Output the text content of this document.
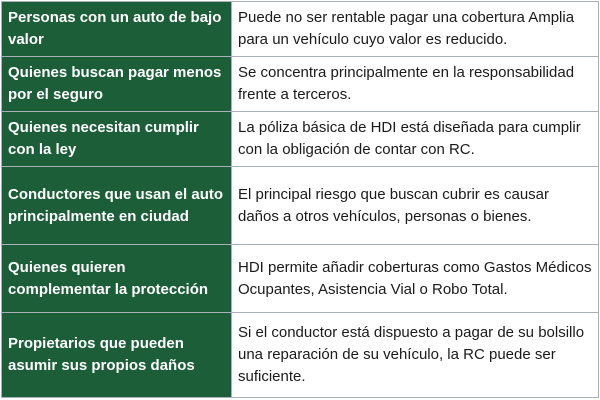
Personas con un auto de bajo valor
Puede no ser rentable pagar una cobertura Amplia para un vehículo cuyo valor es reducido.
Quienes buscan pagar menos por el seguro
Se concentra principalmente en la responsabilidad frente a terceros.
Quienes necesitan cumplir con la ley
La póliza básica de HDI está diseñada para cumplir con la obligación de contar con RC.
Conductores que usan el auto principalmente en ciudad
El principal riesgo que buscan cubrir es causar daños a otros vehículos, personas o bienes.
Quienes quieren complementar la protección
HDI permite añadir coberturas como Gastos Médicos Ocupantes, Asistencia Vial o Robo Total.
Propietarios que pueden asumir sus propios daños
Si el conductor está dispuesto a pagar de su bolsillo una reparación de su vehículo, la RC puede ser suficiente.
